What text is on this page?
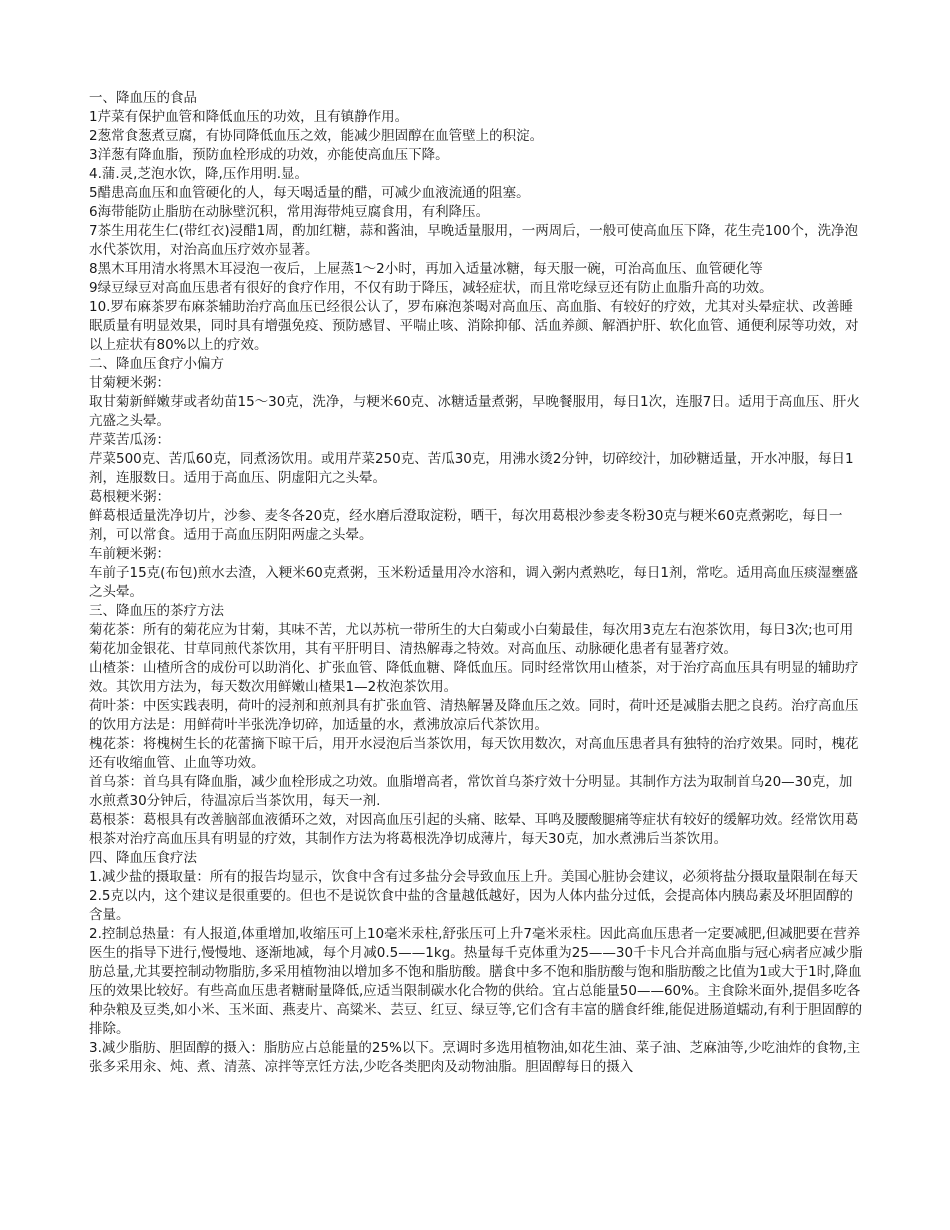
一、降血压的食品

1芹菜有保护血管和降低血压的功效，且有镇静作用。

2葱常食葱煮豆腐，有协同降低血压之效，能减少胆固醇在血管壁上的积淀。

3洋葱有降血脂，预防血栓形成的功效，亦能使高血压下降。

4.蒲.灵,芝泡水饮，降,压作用明.显。

5醋患高血压和血管硬化的人，每天喝适量的醋，可减少血液流通的阻塞。

6海带能防止脂肪在动脉壁沉积，常用海带炖豆腐食用，有利降压。

7茶生用花生仁(带红衣)浸醋1周，酌加红糖，蒜和酱油，早晚适量服用，一两周后，一般可使高血压下降，花生壳100个，洗净泡水代茶饮用，对治高血压疗效亦显著。

8黑木耳用清水将黑木耳浸泡一夜后，上屉蒸1～2小时，再加入适量冰糖，每天服一碗，可治高血压、血管硬化等

9绿豆绿豆对高血压患者有很好的食疗作用，不仅有助于降压，减轻症状，而且常吃绿豆还有防止血脂升高的功效。

10.罗布麻茶罗布麻茶辅助治疗高血压已经很公认了，罗布麻泡茶喝对高血压、高血脂、有较好的疗效，尤其对头晕症状、改善睡眠质量有明显效果，同时具有增强免疫、预防感冒、平喘止咳、消除抑郁、活血养颜、解酒护肝、软化血管、通便利尿等功效，对以上症状有80%以上的疗效。

二、降血压食疗小偏方

甘菊粳米粥：

取甘菊新鲜嫩芽或者幼苗15～30克，洗净，与粳米60克、冰糖适量煮粥，早晚餐服用，每日1次，连服7日。适用于高血压、肝火亢盛之头晕。

芹菜苦瓜汤：

芹菜500克、苦瓜60克，同煮汤饮用。或用芹菜250克、苦瓜30克，用沸水烫2分钟，切碎绞汁，加砂糖适量，开水冲服，每日1剂，连服数日。适用于高血压、阴虚阳亢之头晕。

葛根粳米粥：

鲜葛根适量洗净切片，沙参、麦冬各20克，经水磨后澄取淀粉，晒干，每次用葛根沙参麦冬粉30克与粳米60克煮粥吃，每日一剂，可以常食。适用于高血压阴阳两虚之头晕。

车前粳米粥：

车前子15克(布包)煎水去渣，入粳米60克煮粥，玉米粉适量用冷水溶和，调入粥内煮熟吃，每日1剂，常吃。适用高血压痰湿壅盛之头晕。

三、降血压的茶疗方法

菊花茶：所有的菊花应为甘菊，其味不苦，尤以苏杭一带所生的大白菊或小白菊最佳，每次用3克左右泡茶饮用，每日3次;也可用菊花加金银花、甘草同煎代茶饮用，其有平肝明目、清热解毒之特效。对高血压、动脉硬化患者有显著疗效。

山楂茶：山楂所含的成份可以助消化、扩张血管、降低血糖、降低血压。同时经常饮用山楂茶，对于治疗高血压具有明显的辅助疗效。其饮用方法为，每天数次用鲜嫩山楂果1—2枚泡茶饮用。

荷叶茶：中医实践表明，荷叶的浸剂和煎剂具有扩张血管、清热解暑及降血压之效。同时，荷叶还是减脂去肥之良药。治疗高血压的饮用方法是：用鲜荷叶半张洗净切碎，加适量的水，煮沸放凉后代茶饮用。

槐花茶：将槐树生长的花蕾摘下晾干后，用开水浸泡后当茶饮用，每天饮用数次，对高血压患者具有独特的治疗效果。同时，槐花还有收缩血管、止血等功效。

首乌茶：首乌具有降血脂，减少血栓形成之功效。血脂增高者，常饮首乌茶疗效十分明显。其制作方法为取制首乌20—30克，加水煎煮30分钟后，待温凉后当茶饮用，每天一剂.

葛根茶：葛根具有改善脑部血液循环之效，对因高血压引起的头痛、眩晕、耳鸣及腰酸腿痛等症状有较好的缓解功效。经常饮用葛根茶对治疗高血压具有明显的疗效，其制作方法为将葛根洗净切成薄片，每天30克，加水煮沸后当茶饮用。

四、降血压食疗法

1.减少盐的摄取量：所有的报告均显示，饮食中含有过多盐分会导致血压上升。美国心脏协会建议，必须将盐分摄取量限制在每天2.5克以内，这个建议是很重要的。但也不是说饮食中盐的含量越低越好，因为人体内盐分过低，会提高体内胰岛素及坏胆固醇的含量。

2.控制总热量：有人报道,体重增加,收缩压可上10毫米汞柱,舒张压可上升7毫米汞柱。因此高血压患者一定要减肥,但减肥要在营养医生的指导下进行,慢慢地、逐渐地减，每个月减0.5——1kg。热量每千克体重为25——30千卡凡合并高血脂与冠心病者应减少脂肪总量,尤其要控制动物脂肪,多采用植物油以增加多不饱和脂肪酸。膳食中多不饱和脂肪酸与饱和脂肪酸之比值为1或大于1时,降血压的效果比较好。有些高血压患者糖耐量降低,应适当限制碳水化合物的供给。宜占总能量50——60%。主食除米面外,提倡多吃各种杂粮及豆类,如小米、玉米面、燕麦片、高粱米、芸豆、红豆、绿豆等,它们含有丰富的膳食纤维,能促进肠道蠕动,有利于胆固醇的排除。

3.减少脂肪、胆固醇的摄入：脂肪应占总能量的25%以下。烹调时多选用植物油,如花生油、菜子油、芝麻油等,少吃油炸的食物,主张多采用汆、炖、煮、清蒸、凉拌等烹饪方法,少吃各类肥肉及动物油脂。胆固醇每日的摄入
